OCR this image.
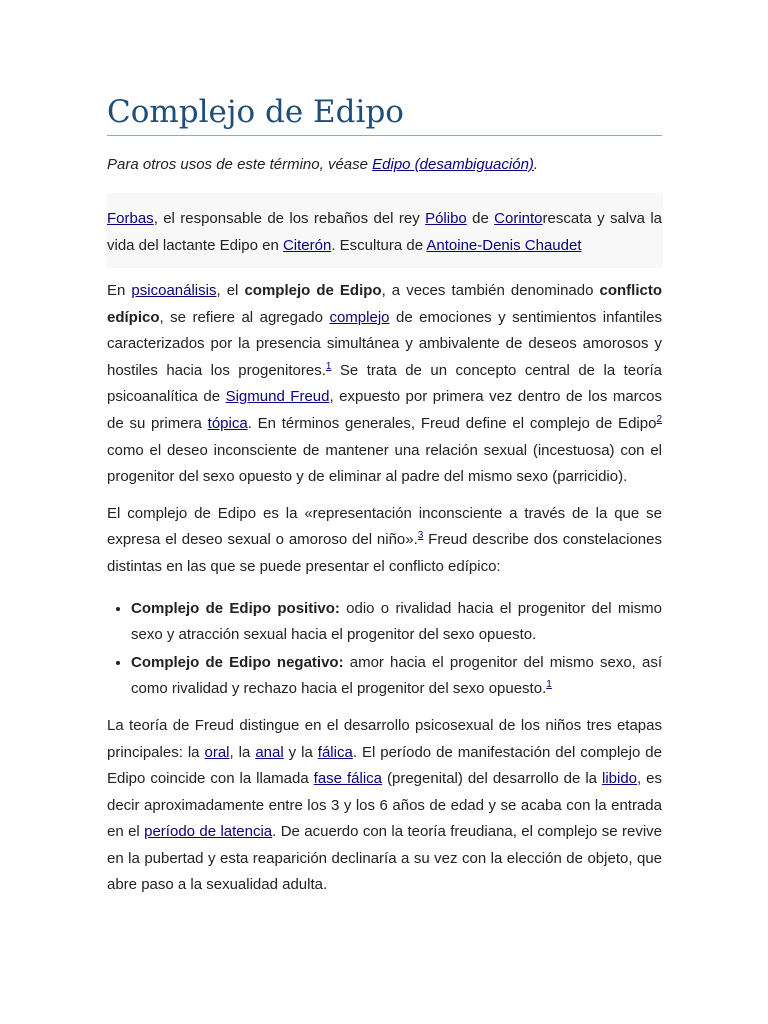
Complejo de Edipo
Para otros usos de este término, véase Edipo (desambiguación).
Forbas, el responsable de los rebaños del rey Pólibo de Corintorescata y salva la vida del lactante Edipo en Citerón. Escultura de Antoine-Denis Chaudet

En psicoanálisis, el complejo de Edipo, a veces también denominado conflicto edípico, se refiere al agregado complejo de emociones y sentimientos infantiles caracterizados por la presencia simultánea y ambivalente de deseos amorosos y hostiles hacia los progenitores.$^1$ Se trata de un concepto central de la teoría psicoanalítica de Sigmund Freud, expuesto por primera vez dentro de los marcos de su primera tópica. En términos generales, Freud define el complejo de Edipo$^2$ como el deseo inconsciente de mantener una relación sexual (incestuosa) con el progenitor del sexo opuesto y de eliminar al padre del mismo sexo (parricidio).

El complejo de Edipo es la «representación inconsciente a través de la que se expresa el deseo sexual o amoroso del niño».$^3$ Freud describe dos constelaciones distintas en las que se puede presentar el conflicto edípico:

• Complejo de Edipo positivo: odio o rivalidad hacia el progenitor del mismo sexo y atracción sexual hacia el progenitor del sexo opuesto.
• Complejo de Edipo negativo: amor hacia el progenitor del mismo sexo, así como rivalidad y rechazo hacia el progenitor del sexo opuesto.$^1$

La teoría de Freud distingue en el desarrollo psicosexual de los niños tres etapas principales: la oral, la anal y la fálica. El período de manifestación del complejo de Edipo coincide con la llamada fase fálica (pregenital) del desarrollo de la libido, es decir aproximadamente entre los 3 y los 6 años de edad y se acaba con la entrada en el período de latencia. De acuerdo con la teoría freudiana, el complejo se revive en la pubertad y esta reaparición declinaría a su vez con la elección de objeto, que abre paso a la sexualidad adulta.
